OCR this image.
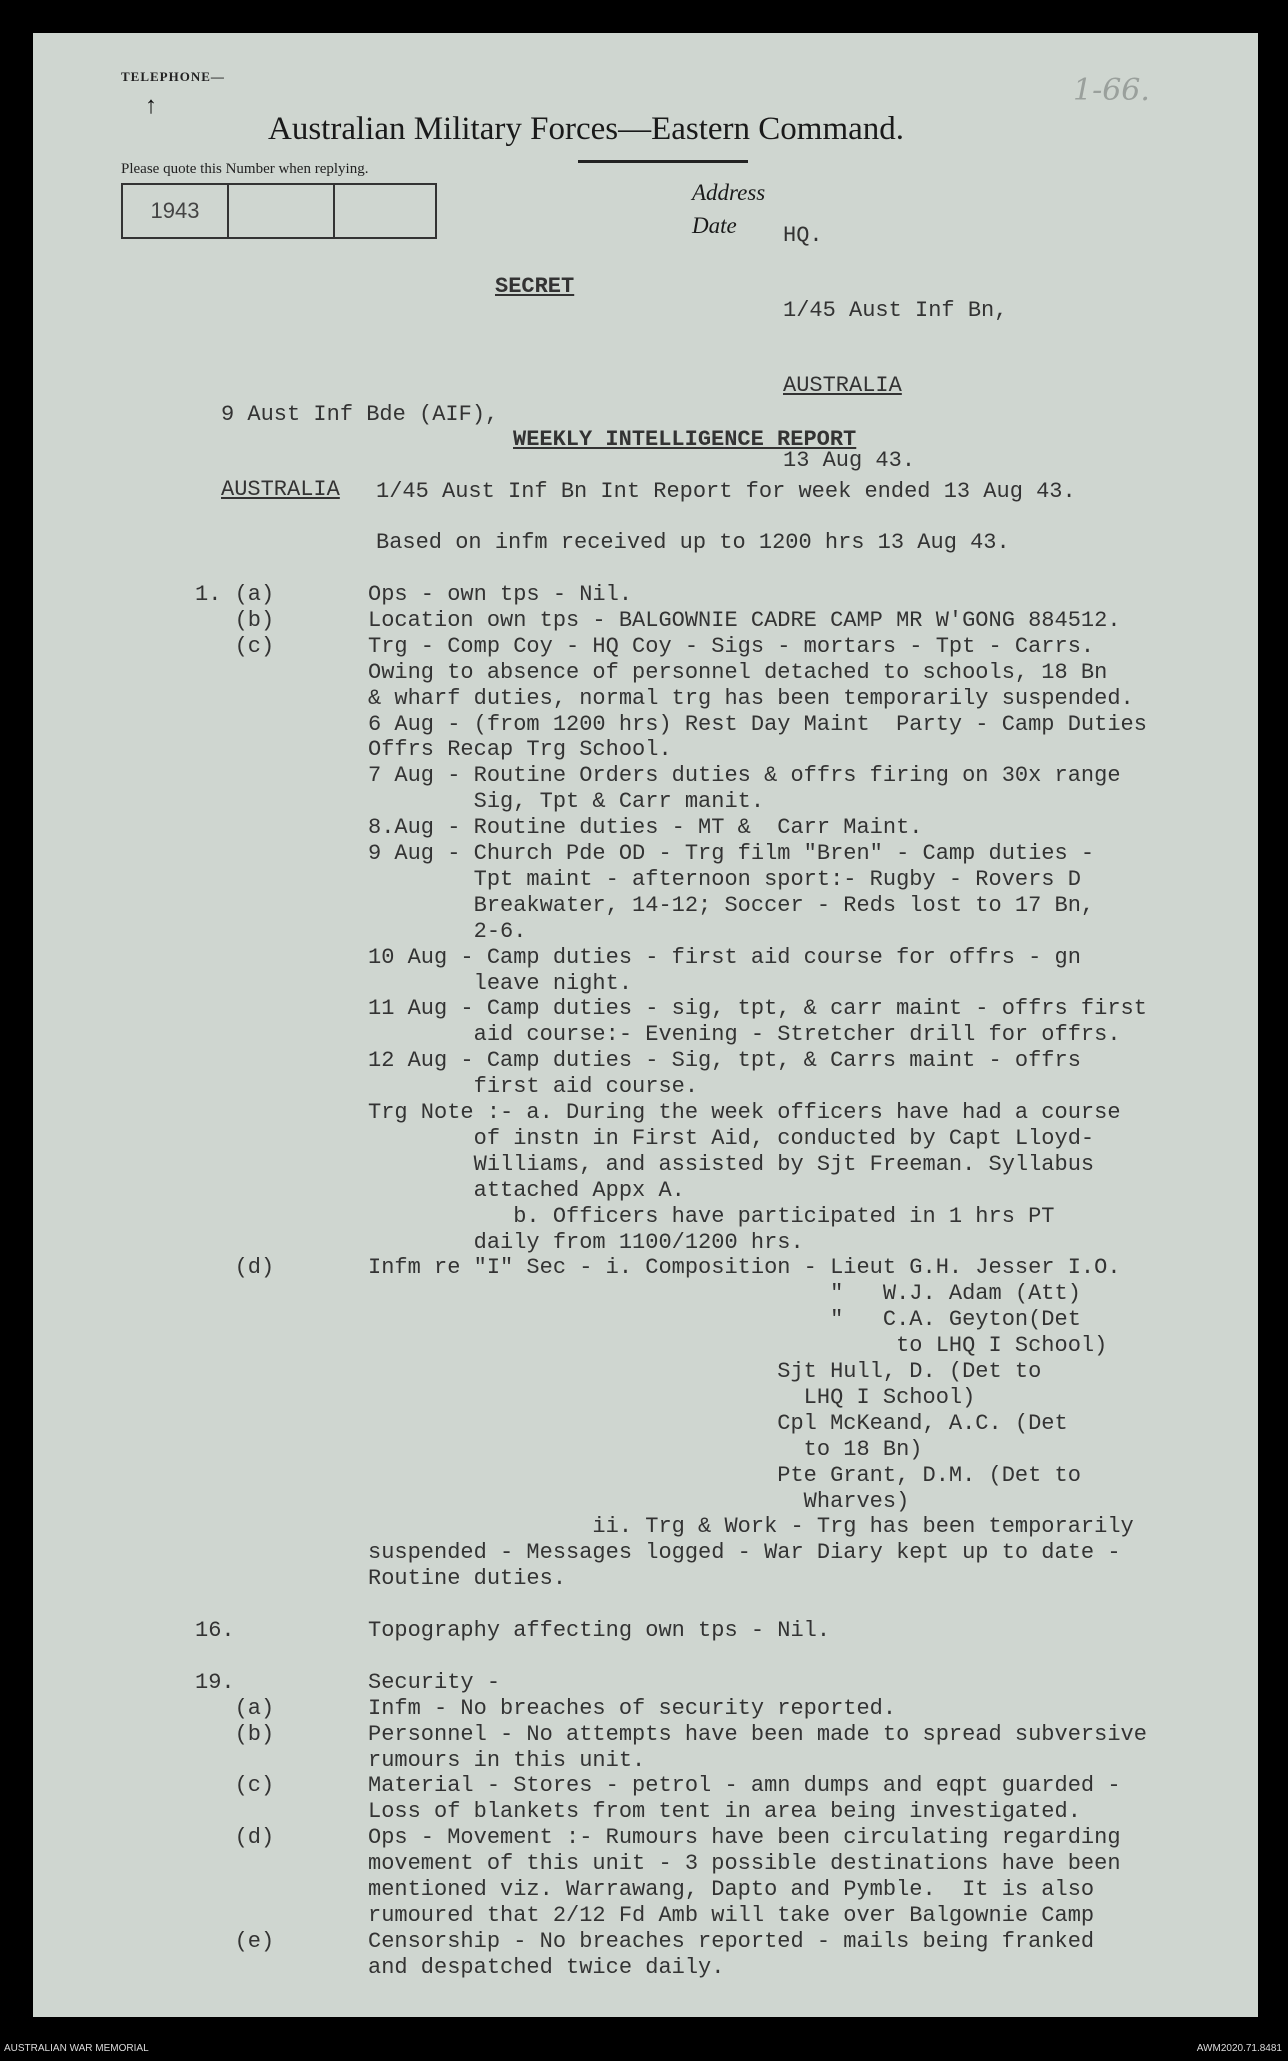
TELEPHONE—
↑
Australian Military Forces—Eastern Command.
1-66.
Please quote this Number when replying.
1943
Address
Date

HQ.

1/45 Aust Inf Bn,

AUSTRALIA

13 Aug 43.

SECRET

9 Aust Inf Bde (AIF),

AUSTRALIA

WEEKLY INTELLIGENCE REPORT
1/45 Aust Inf Bn Int Report for week ended 13 Aug 43.
Based on infm received up to 1200 hrs 13 Aug 43.
1. (a)	Ops - own tps - Nil.
(b)	Location own tps - BALGOWNIE CADRE CAMP MR W'GONG 884512.
(c)	Trg - Comp Coy - HQ Coy - Sigs - mortars - Tpt - Carrs.
Owing to absence of personnel detached to schools, 18 Bn
& wharf duties, normal trg has been temporarily suspended.
6 Aug - (from 1200 hrs) Rest Day Maint  Party - Camp Duties
Offrs Recap Trg School.
7 Aug - Routine Orders duties & offrs firing on 30x range
Sig, Tpt & Carr manit.
8.Aug - Routine duties - MT &  Carr Maint.
9 Aug - Church Pde OD - Trg film "Bren" - Camp duties -
Tpt maint - afternoon sport:- Rugby - Rovers D
Breakwater, 14-12; Soccer - Reds lost to 17 Bn,
2-6.
10 Aug - Camp duties - first aid course for offrs - gn
leave night.
11 Aug - Camp duties - sig, tpt, & carr maint - offrs first
aid course:- Evening - Stretcher drill for offrs.
12 Aug - Camp duties - Sig, tpt, & Carrs maint - offrs
first aid course.
Trg Note :- a. During the week officers have had a course
of instn in First Aid, conducted by Capt Lloyd-
Williams, and assisted by Sjt Freeman. Syllabus
attached Appx A.
b. Officers have participated in 1 hrs PT
daily from 1100/1200 hrs.
(d)	Infm re "I" Sec - i. Composition - Lieut G.H. Jesser I.O.
"   W.J. Adam (Att)
"   C.A. Geyton(Det
to LHQ I School)
Sjt Hull, D. (Det to
LHQ I School)
Cpl McKeand, A.C. (Det
to 18 Bn)
Pte Grant, D.M. (Det to
Wharves)
ii. Trg & Work - Trg has been temporarily
suspended - Messages logged - War Diary kept up to date -
Routine duties.
16.	Topography affecting own tps - Nil.
19.	Security -
(a)	Infm - No breaches of security reported.
(b)	Personnel - No attempts have been made to spread subversive
rumours in this unit.
(c)	Material - Stores - petrol - amn dumps and eqpt guarded -
Loss of blankets from tent in area being investigated.
(d)	Ops - Movement :- Rumours have been circulating regarding
movement of this unit - 3 possible destinations have been
mentioned viz. Warrawang, Dapto and Pymble.  It is also
rumoured that 2/12 Fd Amb will take over Balgownie Camp
(e)	Censorship - No breaches reported - mails being franked
and despatched twice daily.
AUSTRALIAN WAR MEMORIAL	AWM2020.71.8481
